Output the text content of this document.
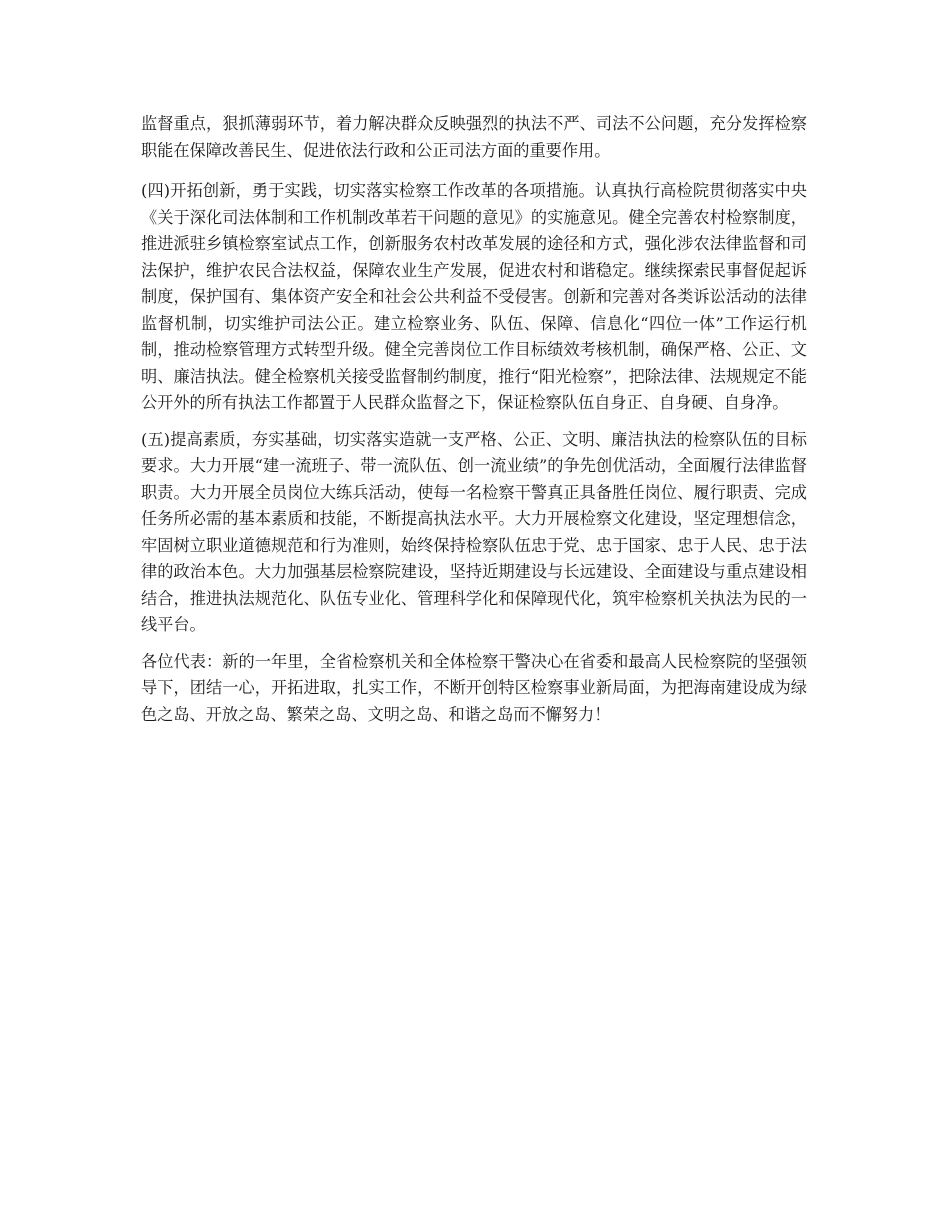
监督重点，狠抓薄弱环节，着力解决群众反映强烈的执法不严、司法不公问题，充分发挥检察职能在保障改善民生、促进依法行政和公正司法方面的重要作用。

(四)开拓创新，勇于实践，切实落实检察工作改革的各项措施。认真执行高检院贯彻落实中央《关于深化司法体制和工作机制改革若干问题的意见》的实施意见。健全完善农村检察制度，推进派驻乡镇检察室试点工作，创新服务农村改革发展的途径和方式，强化涉农法律监督和司法保护，维护农民合法权益，保障农业生产发展，促进农村和谐稳定。继续探索民事督促起诉制度，保护国有、集体资产安全和社会公共利益不受侵害。创新和完善对各类诉讼活动的法律监督机制，切实维护司法公正。建立检察业务、队伍、保障、信息化“四位一体”工作运行机制，推动检察管理方式转型升级。健全完善岗位工作目标绩效考核机制，确保严格、公正、文明、廉洁执法。健全检察机关接受监督制约制度，推行“阳光检察”，把除法律、法规规定不能公开外的所有执法工作都置于人民群众监督之下，保证检察队伍自身正、自身硬、自身净。

(五)提高素质，夯实基础，切实落实造就一支严格、公正、文明、廉洁执法的检察队伍的目标要求。大力开展“建一流班子、带一流队伍、创一流业绩”的争先创优活动，全面履行法律监督职责。大力开展全员岗位大练兵活动，使每一名检察干警真正具备胜任岗位、履行职责、完成任务所必需的基本素质和技能，不断提高执法水平。大力开展检察文化建设，坚定理想信念，牢固树立职业道德规范和行为准则，始终保持检察队伍忠于党、忠于国家、忠于人民、忠于法律的政治本色。大力加强基层检察院建设，坚持近期建设与长远建设、全面建设与重点建设相结合，推进执法规范化、队伍专业化、管理科学化和保障现代化，筑牢检察机关执法为民的一线平台。

各位代表：新的一年里，全省检察机关和全体检察干警决心在省委和最高人民检察院的坚强领导下，团结一心，开拓进取，扎实工作，不断开创特区检察事业新局面，为把海南建设成为绿色之岛、开放之岛、繁荣之岛、文明之岛、和谐之岛而不懈努力！
